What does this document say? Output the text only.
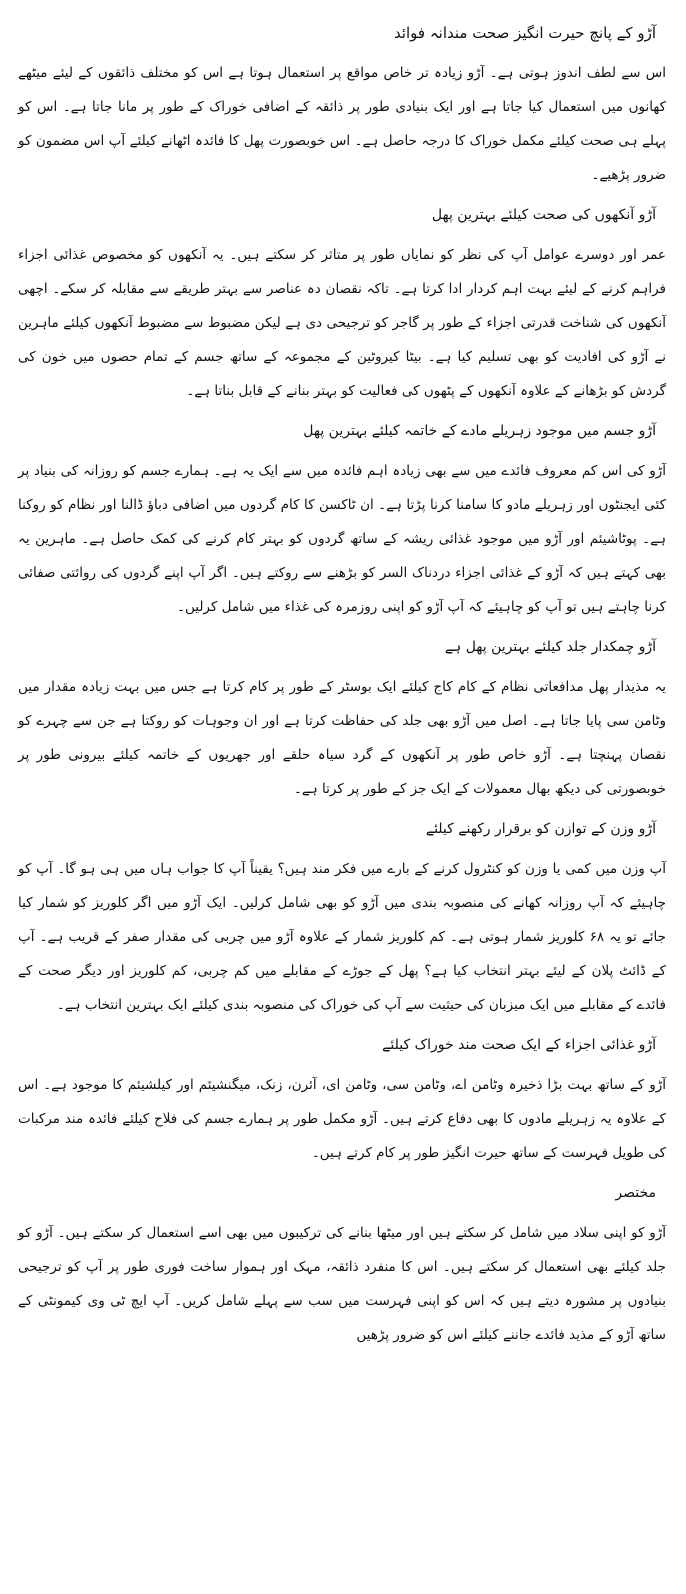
آڑو کے پانچ حیرت انگیز صحت مندانہ فوائد

اس سے لطف اندوز ہوتی ہے۔ آڑو زیادہ تر خاص مواقع پر استعمال ہوتا ہے اس کو مختلف ذائقوں کے لیئے میٹھے کھانوں میں استعمال کیا جاتا ہے اور ایک بنیادی طور پر ذائقہ کے اضافی خوراک کے طور پر مانا جاتا ہے۔ اس کو پہلے ہی صحت کیلئے مکمل خوراک کا درجہ حاصل ہے۔ اس خوبصورت پھل کا فائدہ اٹھانے کیلئے آپ اس مضمون کو ضرور پڑھیے۔

آڑو آنکھوں کی صحت کیلئے بہترین پھل

عمر اور دوسرے عوامل آپ کی نظر کو نمایاں طور پر متاثر کر سکتے ہیں۔ یہ آنکھوں کو مخصوص غذائی اجزاء فراہم کرنے کے لیئے بہت اہم کردار ادا کرتا ہے۔ تاکہ نقصان دہ عناصر سے بہتر طریقے سے مقابلہ کر سکے۔ اچھی آنکھوں کی شناخت قدرتی اجزاء کے طور پر گاجر کو ترجیحی دی ہے لیکن مضبوط سے مضبوط آنکھوں کیلئے ماہرین نے آڑو کی افادیت کو بھی تسلیم کیا ہے۔ بیٹا کیروٹین کے مجموعہ کے ساتھ جسم کے تمام حصوں میں خون کی گردش کو بڑھانے کے علاوہ آنکھوں کے پٹھوں کی فعالیت کو بہتر بنانے کے قابل بناتا ہے۔

آڑو جسم میں موجود زہریلے مادے کے خاتمہ کیلئے بہترین پھل

آڑو کی اس کم معروف فائدے میں سے بھی زیادہ اہم فائدہ میں سے ایک یہ ہے۔ ہمارے جسم کو روزانہ کی بنیاد پر کئی ایجنٹوں اور زہریلے مادو کا سامنا کرنا پڑتا ہے۔ ان ٹاکسن کا کام گردوں میں اضافی دباؤ ڈالنا اور نظام کو روکنا ہے۔ پوٹاشیئم اور آڑو میں موجود غذائی ریشہ کے ساتھ گردوں کو بہتر کام کرنے کی کمک حاصل ہے۔ ماہرین یہ بھی کہتے ہیں کہ آڑو کے غذائی اجزاء دردناک السر کو بڑھنے سے روکتے ہیں۔ اگر آپ اپنے گردوں کی روائتی صفائی کرنا چاہتے ہیں تو آپ کو چاہیئے کہ آپ آڑو کو اپنی روزمرہ کی غذاء میں شامل کرلیں۔

آڑو چمکدار جلد کیلئے بہترین پھل ہے

یہ مذیدار پھل مدافعاتی نظام کے کام کاج کیلئے ایک بوسٹر کے طور پر کام کرتا ہے جس میں بہت زیادہ مقدار میں وٹامن سی پایا جاتا ہے۔ اصل میں آڑو بھی جلد کی حفاظت کرتا ہے اور ان وجوہات کو روکتا ہے جن سے چہرے کو نقصان پہنچتا ہے۔ آڑو خاص طور پر آنکھوں کے گرد سیاہ حلقے اور جھریوں کے خاتمہ کیلئے بیرونی طور پر خوبصورتی کی دیکھ بھال معمولات کے ایک جز کے طور پر کرتا ہے۔

آڑو وزن کے توازن کو برقرار رکھنے کیلئے

آپ وزن میں کمی یا وزن کو کنٹرول کرنے کے بارے میں فکر مند ہیں؟ یقیناً آپ کا جواب ہاں میں ہی ہو گا۔ آپ کو چاہیئے کہ آپ روزانہ کھانے کی منصوبہ بندی میں آڑو کو بھی شامل کرلیں۔ ایک آڑو میں اگر کلوریز کو شمار کیا جائے تو یہ ۶۸ کلوریز شمار ہوتی ہے۔ کم کلوریز شمار کے علاوہ آڑو میں چربی کی مقدار صفر کے قریب ہے۔ آپ کے ڈائٹ پلان کے لیئے بہتر انتخاب کیا ہے؟ پھل کے جوڑے کے مقابلے میں کم چربی، کم کلوریز اور دیگر صحت کے فائدے کے مقابلے میں ایک میزبان کی حیثیت سے آپ کی خوراک کی منصوبہ بندی کیلئے ایک بہترین انتخاب ہے۔

آڑو غذائی اجزاء کے ایک صحت مند خوراک کیلئے

آڑو کے ساتھ بہت بڑا ذخیرہ وٹامن اے، وٹامن سی، وٹامن ای، آئرن، زنک، میگنشیئم اور کیلشیئم کا موجود ہے۔ اس کے علاوہ یہ زہریلے مادوں کا بھی دفاع کرتے ہیں۔ آڑو مکمل طور پر ہمارے جسم کی فلاح کیلئے فائدہ مند مرکبات کی طویل فہرست کے ساتھ حیرت انگیز طور پر کام کرتے ہیں۔

مختصر

آڑو کو اپنی سلاد میں شامل کر سکتے ہیں اور میٹھا بنانے کی ترکیبوں میں بھی اسے استعمال کر سکتے ہیں۔ آڑو کو جلد کیلئے بھی استعمال کر سکتے ہیں۔ اس کا منفرد ذائقہ، مہک اور ہموار ساخت فوری طور پر آپ کو ترجیحی بنیادوں پر مشورہ دیتے ہیں کہ اس کو اپنی فہرست میں سب سے پہلے شامل کریں۔ آپ ایچ ٹی وی کیمونٹی کے ساتھ آڑو کے مذید فائدے جاننے کیلئے اس کو ضرور پڑھیں
